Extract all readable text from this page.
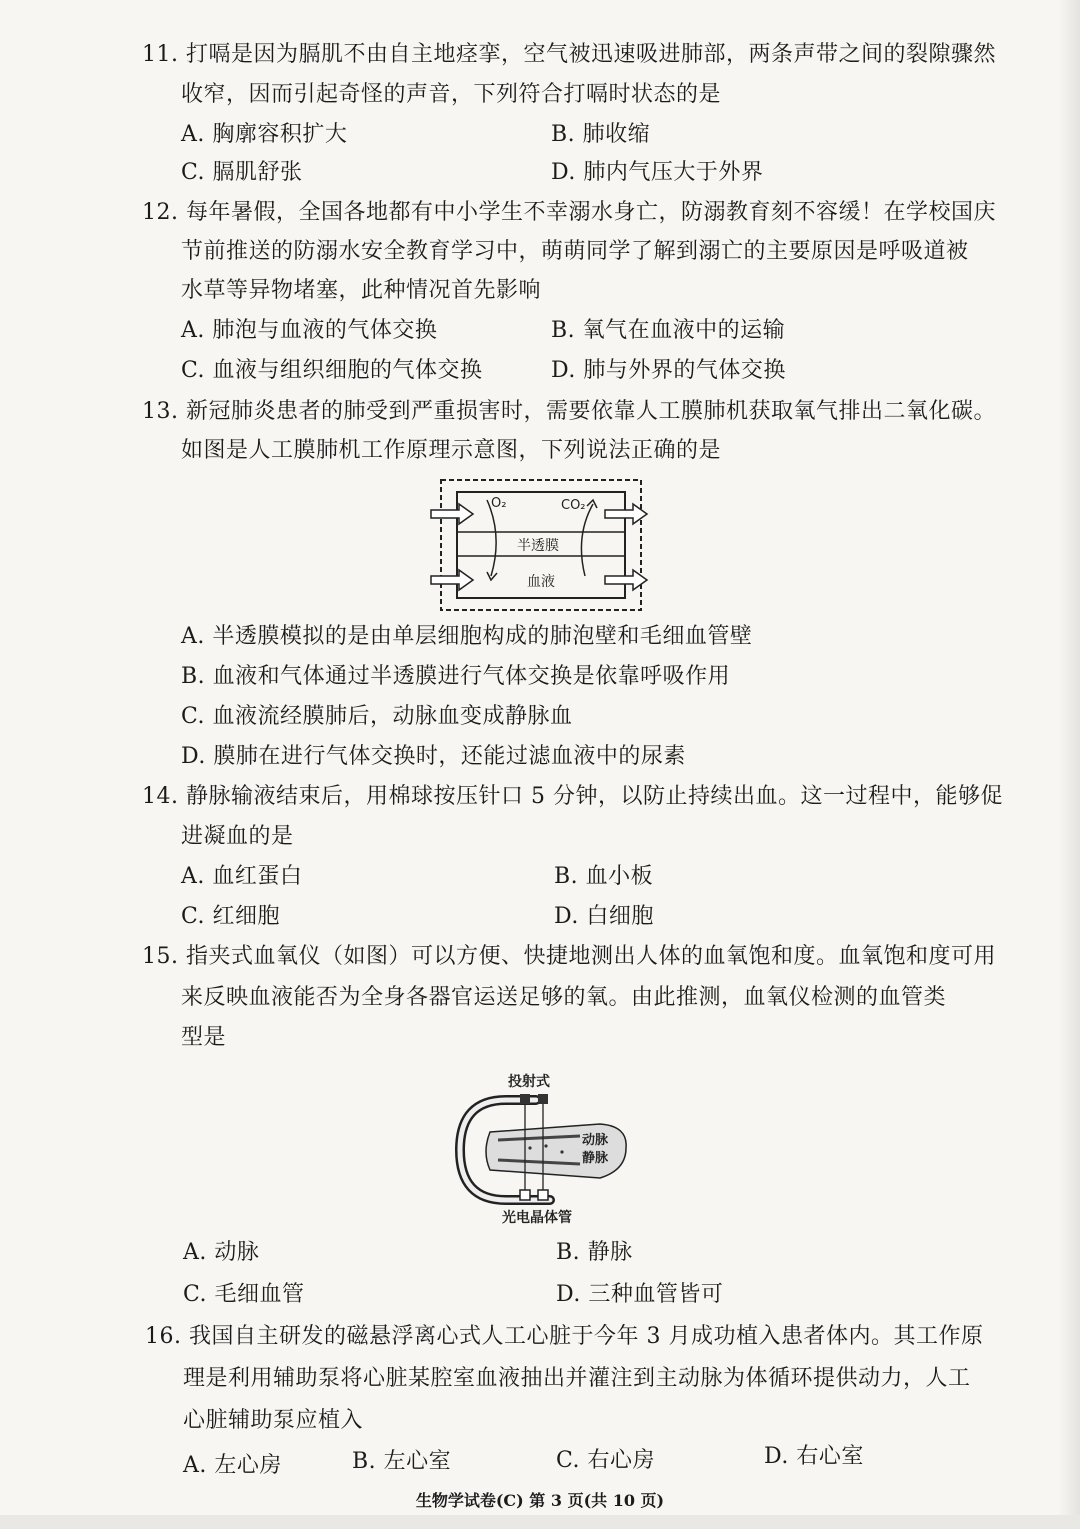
11. 打嗝是因为膈肌不由自主地痉挛，空气被迅速吸进肺部，两条声带之间的裂隙骤然
收窄，因而引起奇怪的声音，下列符合打嗝时状态的是
A. 胸廓容积扩大	B. 肺收缩
C. 膈肌舒张	D. 肺内气压大于外界
12. 每年暑假，全国各地都有中小学生不幸溺水身亡，防溺教育刻不容缓！在学校国庆
节前推送的防溺水安全教育学习中，萌萌同学了解到溺亡的主要原因是呼吸道被
水草等异物堵塞，此种情况首先影响
A. 肺泡与血液的气体交换	B. 氧气在血液中的运输
C. 血液与组织细胞的气体交换	D. 肺与外界的气体交换
13. 新冠肺炎患者的肺受到严重损害时，需要依靠人工膜肺机获取氧气排出二氧化碳。
如图是人工膜肺机工作原理示意图，下列说法正确的是
O₂	CO₂
半透膜
血液
A. 半透膜模拟的是由单层细胞构成的肺泡壁和毛细血管壁
B. 血液和气体通过半透膜进行气体交换是依靠呼吸作用
C. 血液流经膜肺后，动脉血变成静脉血
D. 膜肺在进行气体交换时，还能过滤血液中的尿素
14. 静脉输液结束后，用棉球按压针口 5 分钟，以防止持续出血。这一过程中，能够促
进凝血的是
A. 血红蛋白	B. 血小板
C. 红细胞	D. 白细胞
15. 指夹式血氧仪（如图）可以方便、快捷地测出人体的血氧饱和度。血氧饱和度可用
来反映血液能否为全身各器官运送足够的氧。由此推测，血氧仪检测的血管类
型是
投射式
动脉
静脉
光电晶体管
A. 动脉	B. 静脉
C. 毛细血管	D. 三种血管皆可
16. 我国自主研发的磁悬浮离心式人工心脏于今年 3 月成功植入患者体内。其工作原
理是利用辅助泵将心脏某腔室血液抽出并灌注到主动脉为体循环提供动力，人工
心脏辅助泵应植入
A. 左心房	B. 左心室	C. 右心房	D. 右心室
生物学试卷(C) 第 3 页(共 10 页)
